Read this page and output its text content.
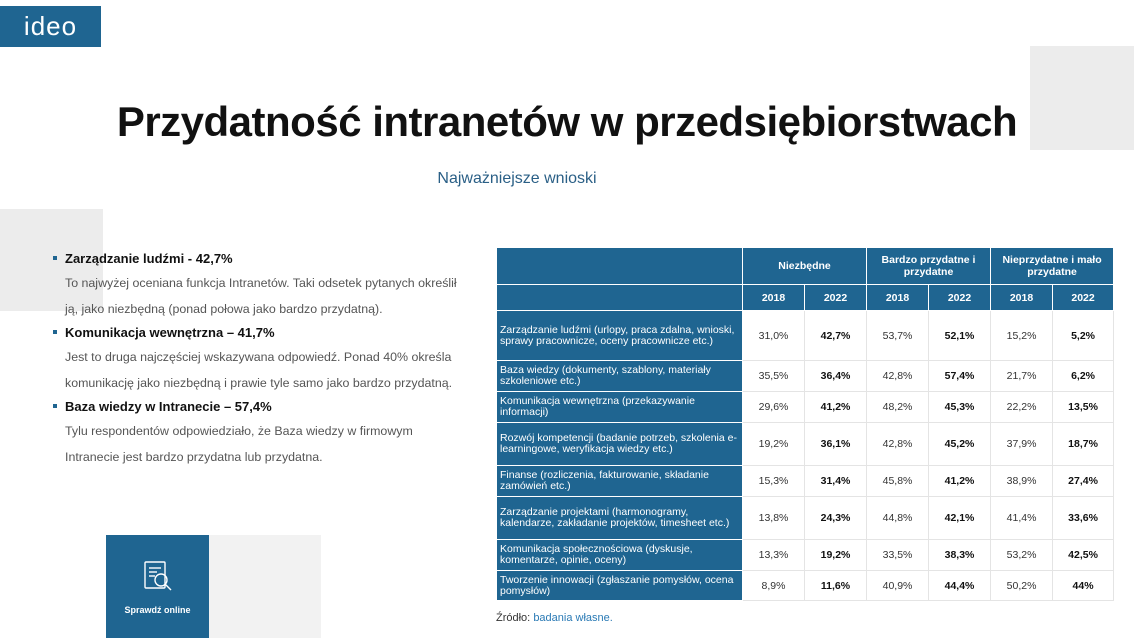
ideo
Przydatność intranetów w przedsiębiorstwach
Najważniejsze wnioski
Zarządzanie ludźmi - 42,7%
To najwyżej oceniana funkcja Intranetów. Taki odsetek pytanych określił ją, jako niezbędną (ponad połowa jako bardzo przydatną).
Komunikacja wewnętrzna – 41,7%
Jest to druga najczęściej wskazywana odpowiedź. Ponad 40% określa komunikację jako niezbędną i prawie tyle samo jako bardzo przydatną.
Baza wiedzy w Intranecie – 57,4%
Tylu respondentów odpowiedziało, że Baza wiedzy w firmowym Intranecie jest bardzo przydatna lub przydatna.
Sprawdź online
	Niezbędne		Bardzo przydatne i przydatne		Nieprzydatne i mało przydatne	
	2018	2022	2018	2022	2018	2022
Zarządzanie ludźmi (urlopy, praca zdalna, wnioski, sprawy pracownicze, oceny pracownicze etc.)	31,0%	42,7%	53,7%	52,1%	15,2%	5,2%
Baza wiedzy (dokumenty, szablony, materiały szkoleniowe etc.)	35,5%	36,4%	42,8%	57,4%	21,7%	6,2%
Komunikacja wewnętrzna (przekazywanie informacji)	29,6%	41,2%	48,2%	45,3%	22,2%	13,5%
Rozwój kompetencji (badanie potrzeb, szkolenia e-learningowe, weryfikacja wiedzy etc.)	19,2%	36,1%	42,8%	45,2%	37,9%	18,7%
Finanse (rozliczenia, fakturowanie, składanie zamówień etc.)	15,3%	31,4%	45,8%	41,2%	38,9%	27,4%
Zarządzanie projektami (harmonogramy, kalendarze, zakładanie projektów, timesheet etc.)	13,8%	24,3%	44,8%	42,1%	41,4%	33,6%
Komunikacja społecznościowa (dyskusje, komentarze, opinie, oceny)	13,3%	19,2%	33,5%	38,3%	53,2%	42,5%
Tworzenie innowacji (zgłaszanie pomysłów, ocena pomysłów)	8,9%	11,6%	40,9%	44,4%	50,2%	44%
Źródło: badania własne.
